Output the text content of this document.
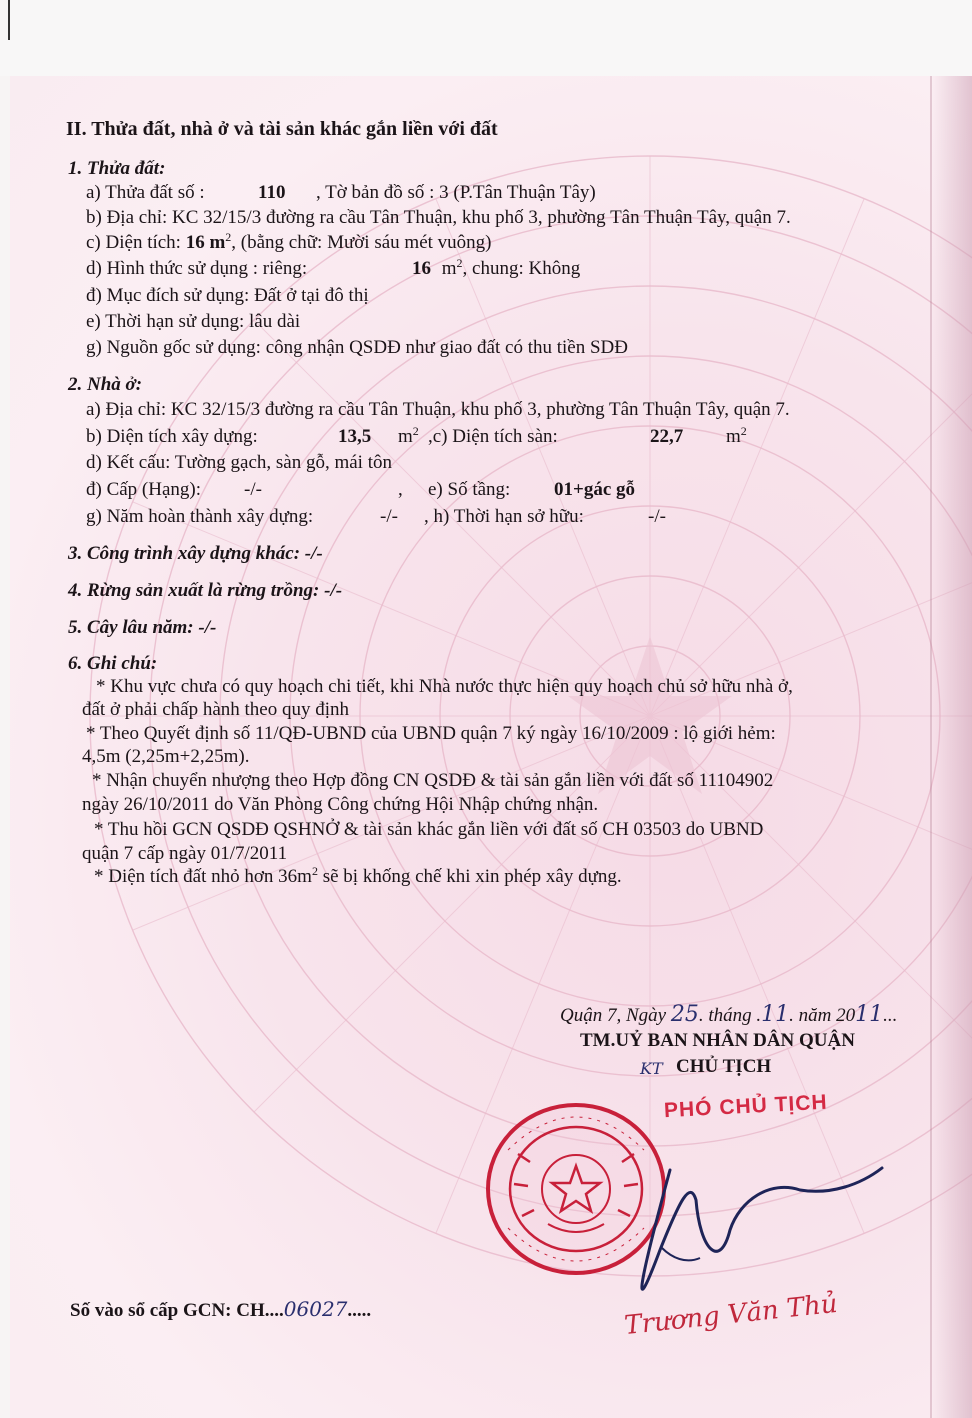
II. Thửa đất, nhà ở và tài sản khác gắn liền với đất
1. Thửa đất:
a) Thửa đất số :	110 , Tờ bản đồ số : 3 (P.Tân Thuận Tây)
b) Địa chỉ: KC 32/15/3 đường ra cầu Tân Thuận, khu phố 3, phường Tân Thuận Tây, quận 7.
c) Diện tích: 16 $m^2$, (bằng chữ: Mười sáu mét vuông)
d) Hình thức sử dụng : riêng:	16 $m^2$, chung: Không
đ) Mục đích sử dụng: Đất ở tại đô thị
e) Thời hạn sử dụng: lâu dài
g) Nguồn gốc sử dụng: công nhận QSDĐ như giao đất có thu tiền SDĐ
2. Nhà ở:
a) Địa chỉ: KC 32/15/3 đường ra cầu Tân Thuận, khu phố 3, phường Tân Thuận Tây, quận 7.
b) Diện tích xây dựng:	13,5 $m^2$ ,c) Diện tích sàn:	22,7 $m^2$
d) Kết cấu: Tường gạch, sàn gỗ, mái tôn
đ) Cấp (Hạng): -/-	, e) Số tầng: 01+gác gỗ
g) Năm hoàn thành xây dựng:	-/- , h) Thời hạn sở hữu:	-/-
3. Công trình xây dựng khác: -/-
4. Rừng sản xuất là rừng trồng: -/-
5. Cây lâu năm: -/-
6. Ghi chú:
* Khu vực chưa có quy hoạch chi tiết, khi Nhà nước thực hiện quy hoạch chủ sở hữu nhà ở,
đất ở phải chấp hành theo quy định
* Theo Quyết định số 11/QĐ-UBND của UBND quận 7 ký ngày 16/10/2009 : lộ giới hẻm:
4,5m (2,25m+2,25m).
* Nhận chuyển nhượng theo Hợp đồng CN QSDĐ & tài sản gắn liền với đất số 11104902
ngày 26/10/2011 do Văn Phòng Công chứng Hội Nhập chứng nhận.
* Thu hồi GCN QSDĐ QSHNỞ & tài sản khác gắn liền với đất số CH 03503 do UBND
quận 7 cấp ngày 01/7/2011
* Diện tích đất nhỏ hơn $36m^2$ sẽ bị khống chế khi xin phép xây dựng.
Quận 7, Ngày 25. tháng .11. năm 2011...
TM.UỶ BAN NHÂN DÂN QUẬN
KT CHỦ TỊCH
PHÓ CHỦ TỊCH
Trương Văn Thủ
Số vào sổ cấp GCN: CH....06027.....
